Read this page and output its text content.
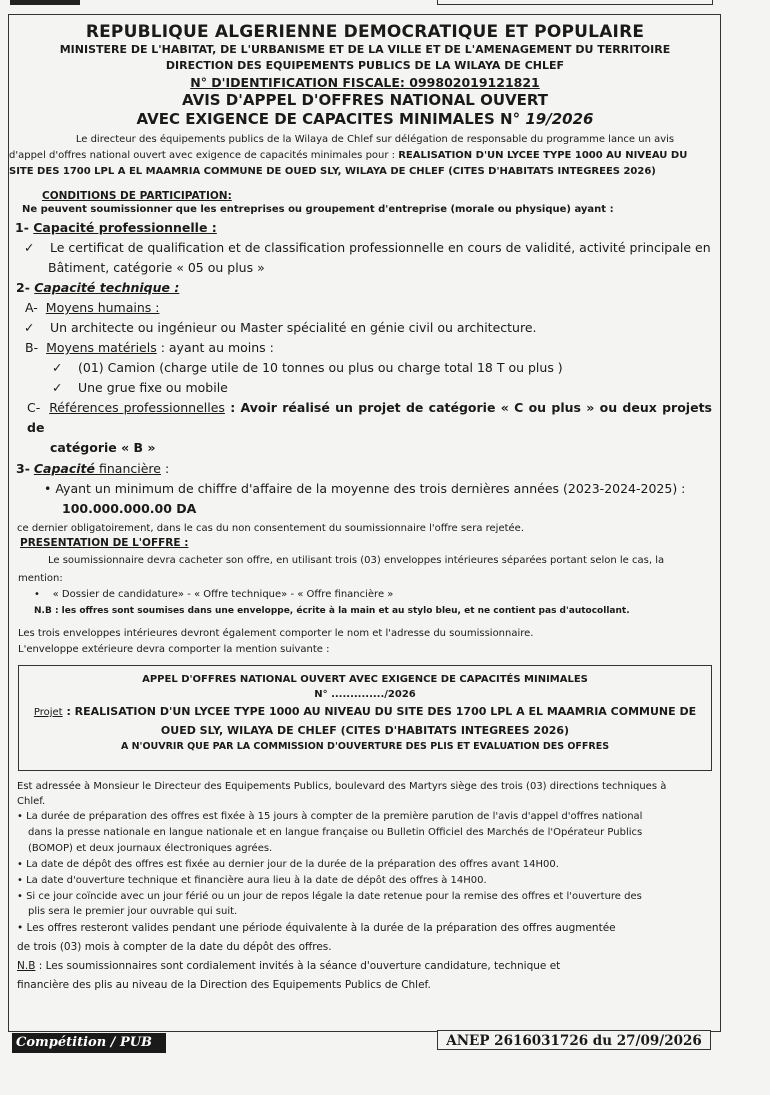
REPUBLIQUE ALGERIENNE DEMOCRATIQUE ET POPULAIRE

MINISTERE DE L'HABITAT, DE L'URBANISME ET DE LA VILLE ET DE L'AMENAGEMENT DU TERRITOIRE

DIRECTION DES EQUIPEMENTS PUBLICS DE LA WILAYA DE CHLEF

N° D'IDENTIFICATION FISCALE: 099802019121821

AVIS D'APPEL D'OFFRES NATIONAL OUVERT

AVEC EXIGENCE DE CAPACITES MINIMALES N° 19/2026

Le directeur des équipements publics de la Wilaya de Chlef sur délégation de responsable du programme lance un avis

d'appel d'offres national ouvert avec exigence de capacités minimales pour : REALISATION D'UN LYCEE TYPE 1000 AU NIVEAU DU SITE DES 1700 LPL A EL MAAMRIA COMMUNE DE OUED SLY, WILAYA DE CHLEF (CITES D'HABITATS INTEGREES 2026)

CONDITIONS DE PARTICIPATION:

Ne peuvent soumissionner que les entreprises ou groupement d'entreprise (morale ou physique) ayant :

1- Capacité professionnelle :

✓ Le certificat de qualification et de classification professionnelle en cours de validité, activité principale en

Bâtiment, catégorie « 05 ou plus »

2- Capacité technique :

A- Moyens humains :

✓ Un architecte ou ingénieur ou Master spécialité en génie civil ou architecture.

B- Moyens matériels : ayant au moins :

✓ (01) Camion (charge utile de 10 tonnes ou plus ou charge total 18 T ou plus )

✓ Une grue fixe ou mobile

C- Références professionnelles : Avoir réalisé un projet de catégorie « C ou plus » ou deux projets de

catégorie « B »

3- Capacité financière :

• Ayant un minimum de chiffre d'affaire de la moyenne des trois dernières années (2023-2024-2025) :

100.000.000.00 DA

ce dernier obligatoirement, dans le cas du non consentement du soumissionnaire l'offre sera rejetée.

PRESENTATION DE L'OFFRE :

Le soumissionnaire devra cacheter son offre, en utilisant trois (03) enveloppes intérieures séparées portant selon le cas, la

mention:

•    « Dossier de candidature» - « Offre technique» - « Offre financière »

N.B : les offres sont soumises dans une enveloppe, écrite à la main et au stylo bleu, et ne contient pas d'autocollant.

Les trois enveloppes intérieures devront également comporter le nom et l'adresse du soumissionnaire.

L'enveloppe extérieure devra comporter la mention suivante :

APPEL D'OFFRES NATIONAL OUVERT AVEC EXIGENCE DE CAPACITÉS MINIMALES

N° ............../2026

Projet : REALISATION D'UN LYCEE TYPE 1000 AU NIVEAU DU SITE DES 1700 LPL A EL MAAMRIA COMMUNE DE

OUED SLY, WILAYA DE CHLEF (CITES D'HABITATS INTEGREES 2026)

A N'OUVRIR QUE PAR LA COMMISSION D'OUVERTURE DES PLIS ET EVALUATION DES OFFRES

Est adressée à Monsieur le Directeur des Equipements Publics, boulevard des Martyrs siège des trois (03) directions techniques à

Chlef.

• La durée de préparation des offres est fixée à 15 jours à compter de la première parution de l'avis d'appel d'offres national

dans la presse nationale en langue nationale et en langue française ou Bulletin Officiel des Marchés de l'Opérateur Publics

(BOMOP) et deux journaux électroniques agrées.

• La date de dépôt des offres est fixée au dernier jour de la durée de la préparation des offres avant 14H00.

• La date d'ouverture technique et financière aura lieu à la date de dépôt des offres à 14H00.

• Si ce jour coïncide avec un jour férié ou un jour de repos légale la date retenue pour la remise des offres et l'ouverture des

plis sera le premier jour ouvrable qui suit.

• Les offres resteront valides pendant une période équivalente à la durée de la préparation des offres augmentée

de trois (03) mois à compter de la date du dépôt des offres.

N.B : Les soumissionnaires sont cordialement invités à la séance d'ouverture candidature, technique et

financière des plis au niveau de la Direction des Equipements Publics de Chlef.

Compétition / PUB	ANEP 2616031726 du 27/09/2026
